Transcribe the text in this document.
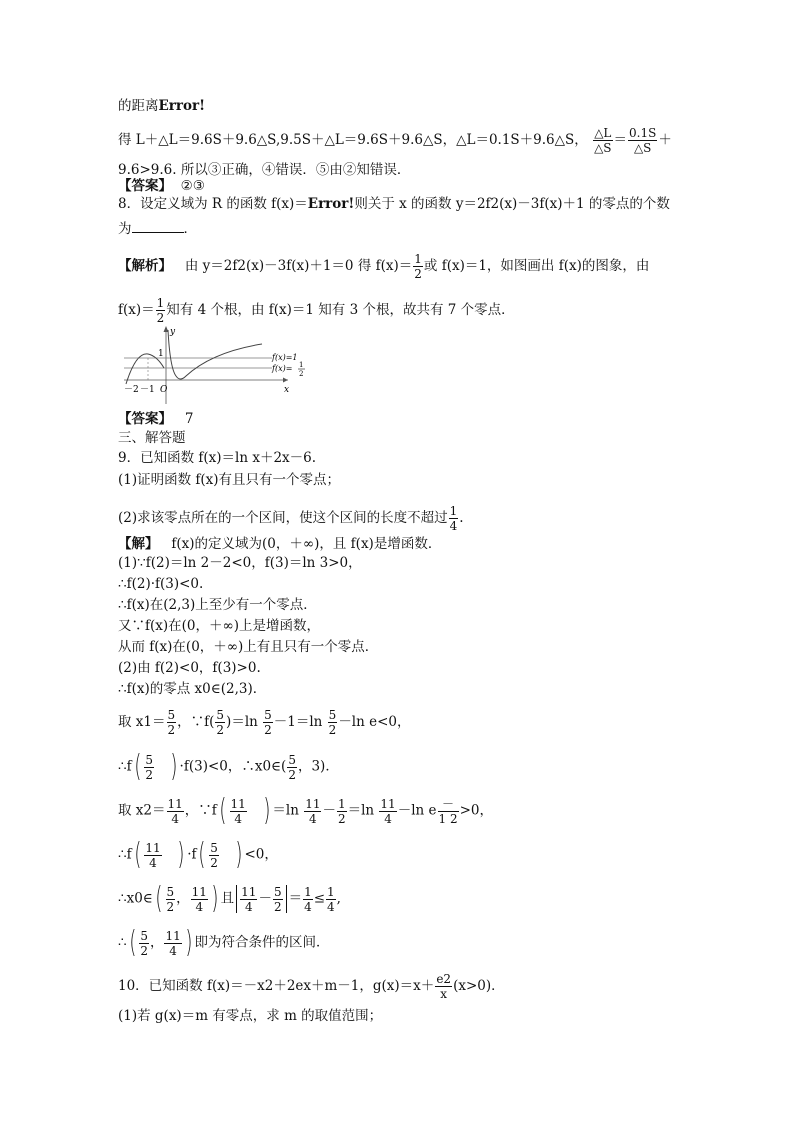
的距离Error!
得 L＋△L＝9.6S＋9.6△S,9.5S＋△L＝9.6S＋9.6△S，△L＝0.1S＋9.6△S， $\frac{\triangle L}{\triangle S} = \frac{0.1S}{\triangle S}$ ＋
9.6>9.6. 所以③正确，④错误．⑤由②知错误．
【答案】 ②③
8．设定义域为 R 的函数 f(x)＝Error!则关于 x 的函数 y＝2f2(x)－3f(x)＋1 的零点的个数
为	．
【解析】 由 y＝2f2(x)－3f(x)＋1＝0 得 $f(x)= \frac{1}{2}$ 或 f(x)＝1，如图画出 f(x)的图象，由
$f(x)= \frac{1}{2}$ 知有 4 个根，由 f(x)＝1 知有 3 个根，故共有 7 个零点．
y
x
1
－2 －1 O
f(x)=1
f(x)= 1
2
【答案】 7
三、解答题
9．已知函数 f(x)＝ln x＋2x－6.
(1)证明函数 f(x)有且只有一个零点；
(2)求该零点所在的一个区间，使这个区间的长度不超过 $\frac{1}{4}$ .
【解】 f(x)的定义域为(0，＋∞)，且 f(x)是增函数．
(1)∵f(2)＝ln 2－2<0，f(3)＝ln 3>0，
∴f(2)·f(3)<0.
∴f(x)在(2,3)上至少有一个零点．
又∵f(x)在(0，＋∞)上是增函数，
从而 f(x)在(0，＋∞)上有且只有一个零点．
(2)由 f(2)<0，f(3)>0.
∴f(x)的零点 x0∈(2,3)．
取 $x1= \frac{5}{2}$ ，∵f( $\frac{5}{2} )=\ln \frac{5}{2} -1=\ln \frac{5}{2} -\ln$ e<0，
∴f( $\frac{5}{2}$ ) ·f(3)<0，∴x0∈( $\frac{5}{2}$ ，3)．
取 $x2= \frac{11}{4}$ ，∵f( $\frac{11}{4}$ ) $=\ln \frac{11}{4} - \frac{1}{2} =\ln \frac{11}{4} -\ln$ e －
1 2 >0，
∴f( $\frac{11}{4}$ ) $\cdot f( \frac{5}{2}$ ) <0，
∴x0∈( $\frac{5}{2}$ ， $\frac{11}{4}$ ) 且 $\frac{11}{4} - \frac{5}{2} = \frac{1}{4} \le \frac{1}{4}$ ,
∴( $\frac{5}{2}$ ， $\frac{11}{4}$ ) 即为符合条件的区间．
10．已知函数 f(x)＝－x2＋2ex＋m－1，$g(x)=x+ \frac{e2}{x} (x>0)$．
(1)若 g(x)＝m 有零点，求 m 的取值范围；
